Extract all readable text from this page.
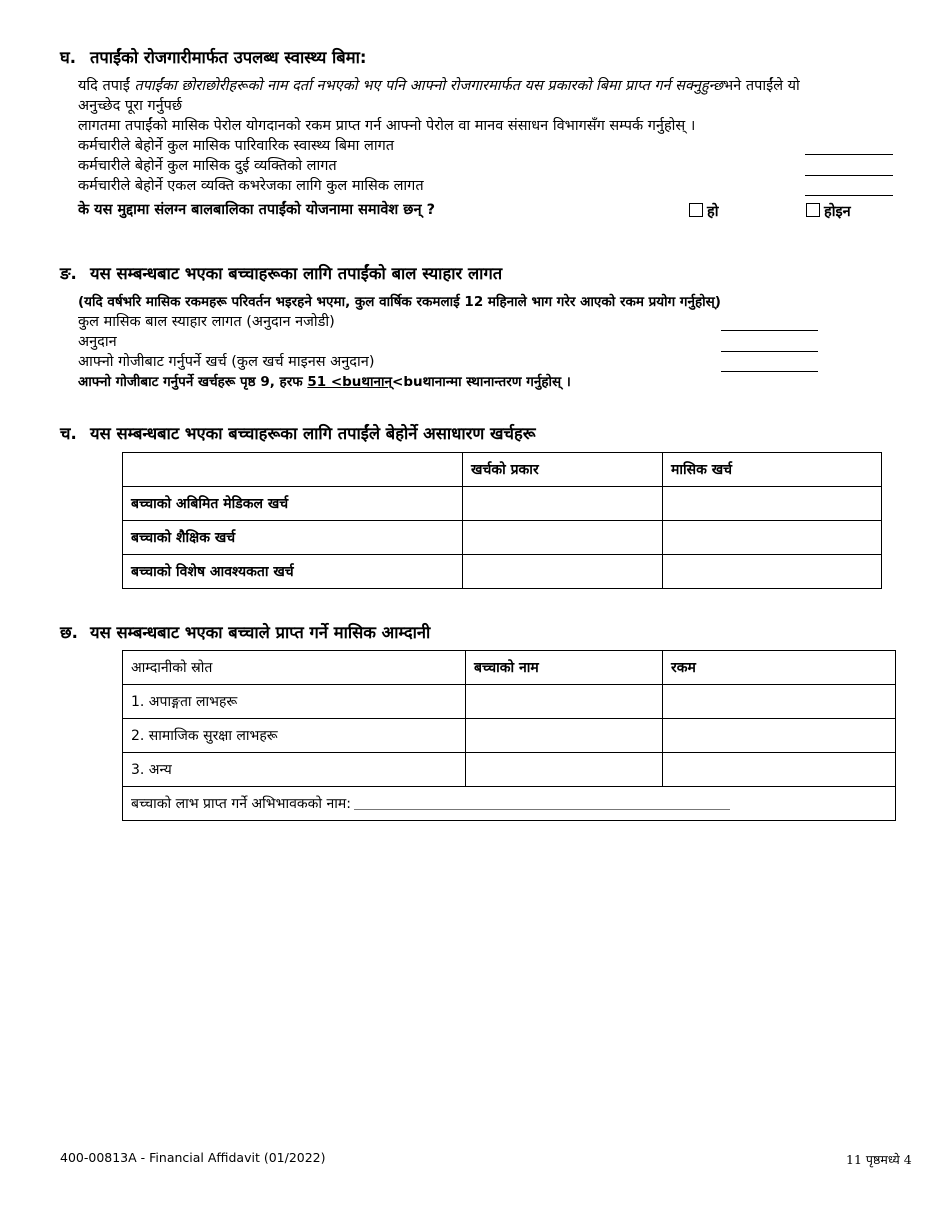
घ. तपाईंको रोजगारीमार्फत उपलब्ध स्वास्थ्य बिमा:
यदि तपाईं तपाईंका छोराछोरीहरूको नाम दर्ता नभएको भए पनि आफ्नो रोजगारमार्फत यस प्रकारको बिमा प्राप्त गर्न सक्नुहुन्छभने तपाईंले यो
अनुच्छेद पूरा गर्नुपर्छ
लागतमा तपाईंको मासिक पेरोल योगदानको रकम प्राप्त गर्न आफ्नो पेरोल वा मानव संसाधन विभागसँग सम्पर्क गर्नुहोस् ।
कर्मचारीले बेहोर्ने कुल मासिक पारिवारिक स्वास्थ्य बिमा लागत
कर्मचारीले बेहोर्ने कुल मासिक दुई व्यक्तिको लागत
कर्मचारीले बेहोर्ने एकल व्यक्ति कभरेजका लागि कुल मासिक लागत
के यस मुद्दामा संलग्न बालबालिका तपाईंको योजनामा समावेश छन् ?	हो	होइन
ङ. यस सम्बन्धबाट भएका बच्चाहरूका लागि तपाईंको बाल स्याहार लागत
(यदि वर्षभरि मासिक रकमहरू परिवर्तन भइरहने भएमा, कुल वार्षिक रकमलाई 12 महिनाले भाग गरेर आएको रकम प्रयोग गर्नुहोस्)
कुल मासिक बाल स्याहार लागत (अनुदान नजोडी)
अनुदान
आफ्नो गोजीबाट गर्नुपर्ने खर्च (कुल खर्च माइनस अनुदान)
आफ्नो गोजीबाट गर्नुपर्ने खर्चहरू पृष्ठ 9, हरफ 51 <buथानान्<buथानान्मा स्थानान्तरण गर्नुहोस् ।
च. यस सम्बन्धबाट भएका बच्चाहरूका लागि तपाईंले बेहोर्ने असाधारण खर्चहरू
	खर्चको प्रकार	मासिक खर्च
बच्चाको अबिमित मेडिकल खर्च		
बच्चाको शैक्षिक खर्च		
बच्चाको विशेष आवश्यकता खर्च		
छ. यस सम्बन्धबाट भएका बच्चाले प्राप्त गर्ने मासिक आम्दानी
आम्दानीको स्रोत	बच्चाको नाम	रकम
1. अपाङ्गता लाभहरू		
2. सामाजिक सुरक्षा लाभहरू		
3. अन्य		
बच्चाको लाभ प्राप्त गर्ने अभिभावकको नाम:		
400-00813A - Financial Affidavit (01/2022)	11 पृष्ठमध्ये 4
